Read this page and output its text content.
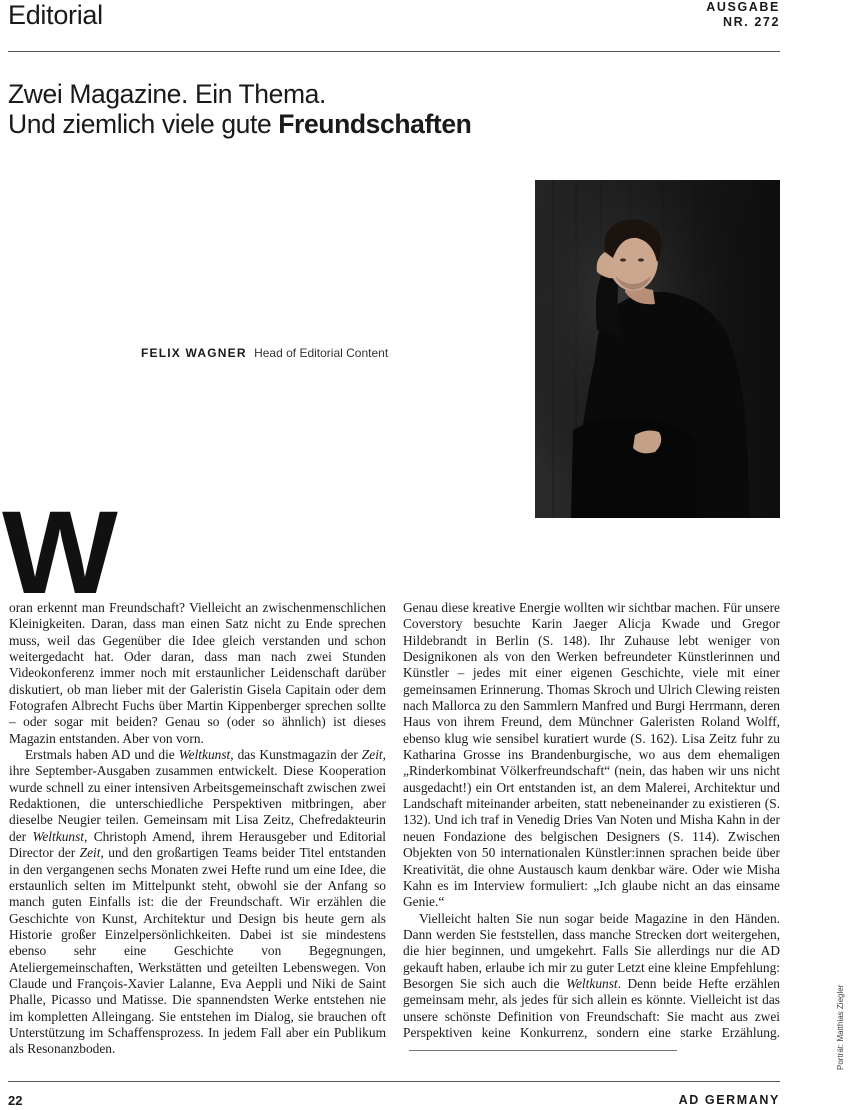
Editorial	AUSGABE
NR. 272
Zwei Magazine. Ein Thema.
Und ziemlich viele gute Freundschaften
FELIX WAGNER Head of Editorial Content
W

oran erkennt man Freundschaft? Vielleicht an zwischenmenschlichen Kleinigkeiten. Daran, dass man einen Satz nicht zu Ende sprechen muss, weil das Gegenüber die Idee gleich verstanden und schon weitergedacht hat. Oder daran, dass man nach zwei Stunden Videokonferenz immer noch mit erstaunlicher Leidenschaft darüber diskutiert, ob man lieber mit der Galeristin Gisela Capitain oder dem Fotografen Albrecht Fuchs über Martin Kippenberger sprechen sollte – oder sogar mit beiden? Genau so (oder so ähnlich) ist dieses Magazin entstanden. Aber von vorn.

Erstmals haben AD und die Weltkunst, das Kunstmagazin der Zeit, ihre September-Ausgaben zusammen entwickelt. Diese Kooperation wurde schnell zu einer intensiven Arbeitsgemeinschaft zwischen zwei Redaktionen, die unterschiedliche Perspektiven mitbringen, aber dieselbe Neugier teilen. Gemeinsam mit Lisa Zeitz, Chefredakteurin der Weltkunst, Christoph Amend, ihrem Herausgeber und Editorial Director der Zeit, und den großartigen Teams beider Titel entstanden in den vergangenen sechs Monaten zwei Hefte rund um eine Idee, die erstaunlich selten im Mittelpunkt steht, obwohl sie der Anfang so manch guten Einfalls ist: die der Freundschaft. Wir erzählen die Geschichte von Kunst, Architektur und Design bis heute gern als Historie großer Einzelpersönlichkeiten. Dabei ist sie mindestens ebenso sehr eine Geschichte von Begegnungen, Ateliergemeinschaften, Werkstätten und geteilten Lebenswegen. Von Claude und François-Xavier Lalanne, Eva Aeppli und Niki de Saint Phalle, Picasso und Matisse. Die spannendsten Werke entstehen nie im kompletten Alleingang. Sie entstehen im Dialog, sie brauchen oft Unterstützung im Schaffensprozess. In jedem Fall aber ein Publikum als Resonanzboden.

Genau diese kreative Energie wollten wir sichtbar machen. Für unsere Coverstory besuchte Karin Jaeger Alicja Kwade und Gregor Hildebrandt in Berlin (S. 148). Ihr Zuhause lebt weniger von Designikonen als von den Werken befreundeter Künstlerinnen und Künstler – jedes mit einer eigenen Geschichte, viele mit einer gemeinsamen Erinnerung. Thomas Skroch und Ulrich Clewing reisten nach Mallorca zu den Sammlern Manfred und Burgi Herrmann, deren Haus von ihrem Freund, dem Münchner Galeristen Roland Wolff, ebenso klug wie sensibel kuratiert wurde (S. 162). Lisa Zeitz fuhr zu Katharina Grosse ins Brandenburgische, wo aus dem ehemaligen „Rinderkombinat Völkerfreundschaft“ (nein, das haben wir uns nicht ausgedacht!) ein Ort entstanden ist, an dem Malerei, Architektur und Landschaft miteinander arbeiten, statt nebeneinander zu existieren (S. 132). Und ich traf in Venedig Dries Van Noten und Misha Kahn in der neuen Fondazione des belgischen Designers (S. 114). Zwischen Objekten von 50 internationalen Künstler:innen sprachen beide über Kreativität, die ohne Austausch kaum denkbar wäre. Oder wie Misha Kahn es im Interview formuliert: „Ich glaube nicht an das einsame Genie.“

Vielleicht halten Sie nun sogar beide Magazine in den Händen. Dann werden Sie feststellen, dass manche Strecken dort weitergehen, die hier beginnen, und umgekehrt. Falls Sie allerdings nur die AD gekauft haben, erlaube ich mir zu guter Letzt eine kleine Empfehlung: Besorgen Sie sich auch die Weltkunst. Denn beide Hefte erzählen gemeinsam mehr, als jedes für sich allein es könnte. Vielleicht ist das unsere schönste Definition von Freundschaft: Sie macht aus zwei Perspektiven keine Konkurrenz, sondern eine starke Erzählung.	Porträt: Matthias Ziegler
22	AD GERMANY
